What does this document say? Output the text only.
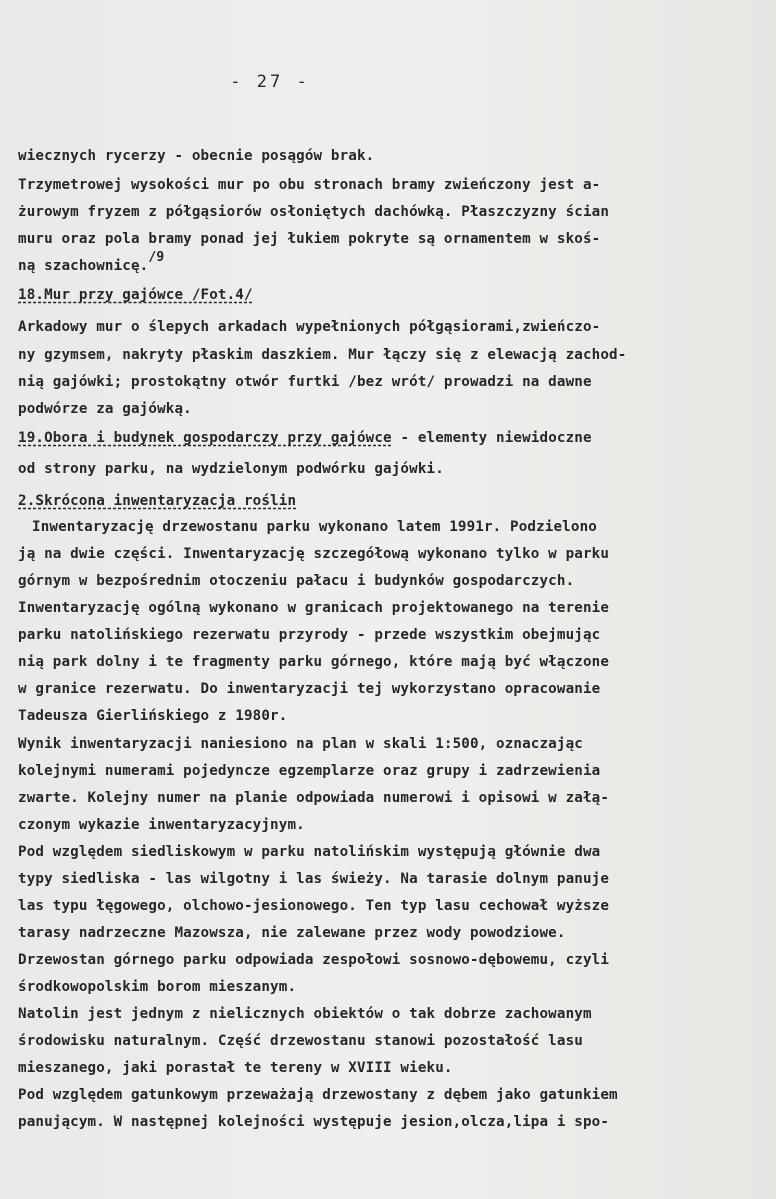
- 27 -

wiecznych rycerzy - obecnie posągów brak.

Trzymetrowej wysokości mur po obu stronach bramy zwieńczony jest a-

żurowym fryzem z półgąsiorów osłoniętych dachówką. Płaszczyzny ścian

muru oraz pola bramy ponad jej łukiem pokryte są ornamentem w skoś-

ną szachownicę./9

18.Mur przy gajówce /Fot.4/

Arkadowy mur o ślepych arkadach wypełnionych półgąsiorami,zwieńczo-

ny gzymsem, nakryty płaskim daszkiem. Mur łączy się z elewacją zachod-

nią gajówki; prostokątny otwór furtki /bez wrót/ prowadzi na dawne

podwórze za gajówką.

19.Obora i budynek gospodarczy przy gajówce - elementy niewidoczne

od strony parku, na wydzielonym podwórku gajówki.

2.Skrócona inwentaryzacja roślin

Inwentaryzację drzewostanu parku wykonano latem 1991r. Podzielono

ją na dwie części. Inwentaryzację szczegółową wykonano tylko w parku

górnym w bezpośrednim otoczeniu pałacu i budynków gospodarczych.

Inwentaryzację ogólną wykonano w granicach projektowanego na terenie

parku natolińskiego rezerwatu przyrody - przede wszystkim obejmując

nią park dolny i te fragmenty parku górnego, które mają być włączone

w granice rezerwatu. Do inwentaryzacji tej wykorzystano opracowanie

Tadeusza Gierlińskiego z 1980r.

Wynik inwentaryzacji naniesiono na plan w skali 1:500, oznaczając

kolejnymi numerami pojedyncze egzemplarze oraz grupy i zadrzewienia

zwarte. Kolejny numer na planie odpowiada numerowi i opisowi w załą-

czonym wykazie inwentaryzacyjnym.

Pod względem siedliskowym w parku natolińskim występują głównie dwa

typy siedliska - las wilgotny i las świeży. Na tarasie dolnym panuje

las typu łęgowego, olchowo-jesionowego. Ten typ lasu cechował wyższe

tarasy nadrzeczne Mazowsza, nie zalewane przez wody powodziowe.

Drzewostan górnego parku odpowiada zespołowi sosnowo-dębowemu, czyli

środkowopolskim borom mieszanym.

Natolin jest jednym z nielicznych obiektów o tak dobrze zachowanym

środowisku naturalnym. Część drzewostanu stanowi pozostałość lasu

mieszanego, jaki porastał te tereny w XVIII wieku.

Pod względem gatunkowym przeważają drzewostany z dębem jako gatunkiem

panującym. W następnej kolejności występuje jesion,olcza,lipa i spo-
